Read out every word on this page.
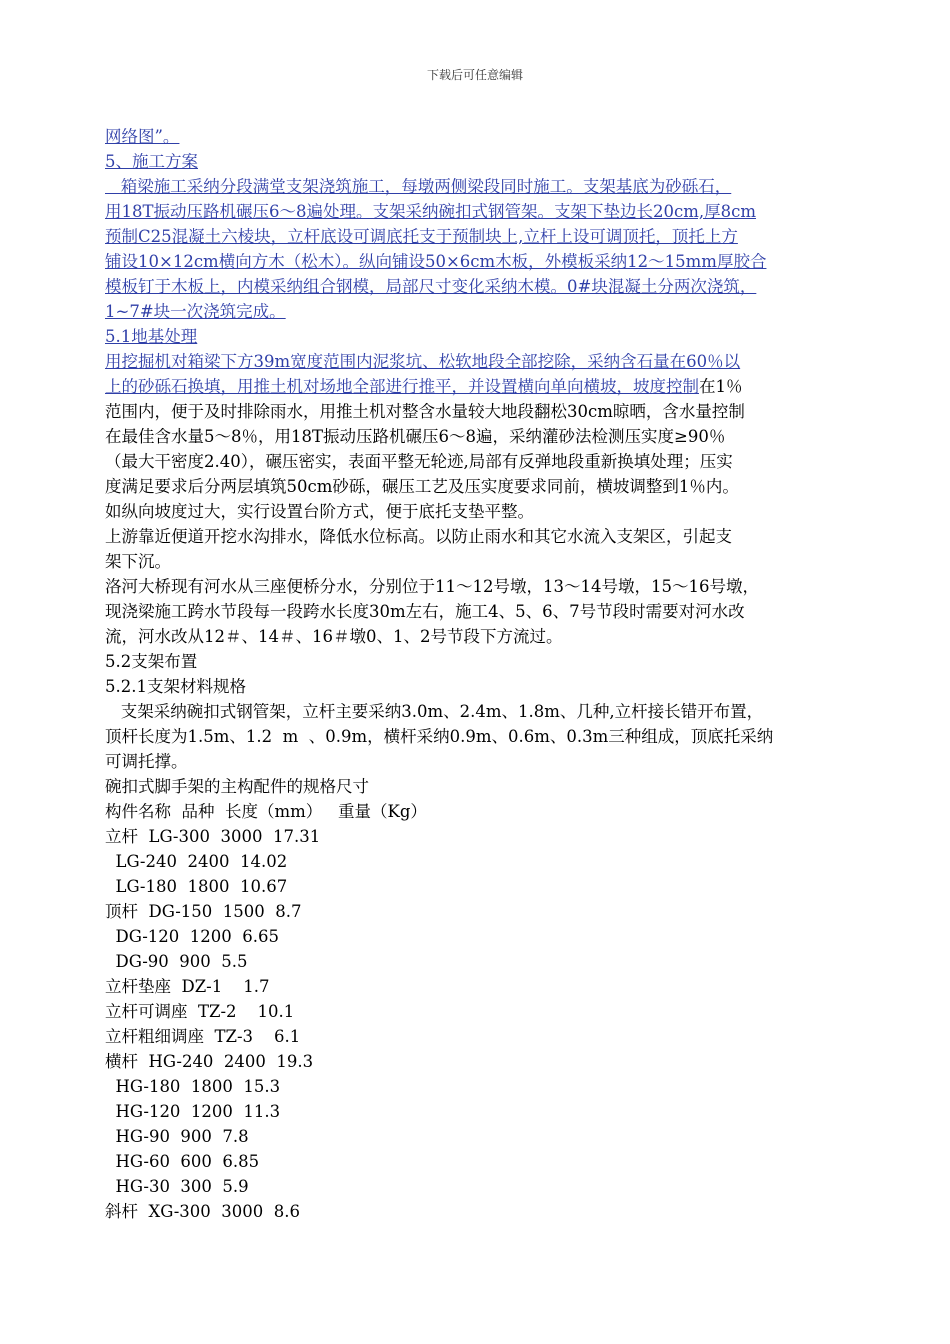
下载后可任意编辑
网络图”。
5、施工方案
箱梁施工采纳分段满堂支架浇筑施工，每墩两侧梁段同时施工。支架基底为砂砾石，
用18T振动压路机碾压6～8遍处理。支架采纳碗扣式钢管架。支架下垫边长20cm,厚8cm
预制C25混凝土六棱块，立杆底设可调底托支于预制块上,立杆上设可调顶托，顶托上方
铺设10×12cm横向方木（松木）。纵向铺设50×6cm木板，外模板采纳12～15mm厚胶合
模板钉于木板上，内模采纳组合钢模，局部尺寸变化采纳木模。0#块混凝土分两次浇筑，
1~7#块一次浇筑完成。
5.1地基处理
用挖掘机对箱梁下方39m宽度范围内泥浆坑、松软地段全部挖除，采纳含石量在60％以
上的砂砾石换填，用推土机对场地全部进行推平，并设置横向单向横坡，坡度控制在1％
范围内，便于及时排除雨水，用推土机对整含水量较大地段翻松30cm晾晒，含水量控制
在最佳含水量5～8％，用18T振动压路机碾压6～8遍，采纳灌砂法检测压实度≥90％
（最大干密度2.40），碾压密实，表面平整无轮迹,局部有反弹地段重新换填处理；压实
度满足要求后分两层填筑50cm砂砾，碾压工艺及压实度要求同前，横坡调整到1％内。
如纵向坡度过大，实行设置台阶方式，便于底托支垫平整。
上游靠近便道开挖水沟排水，降低水位标高。以防止雨水和其它水流入支架区，引起支
架下沉。
洛河大桥现有河水从三座便桥分水，分别位于11～12号墩，13～14号墩，15～16号墩，
现浇梁施工跨水节段每一段跨水长度30m左右，施工4、5、6、7号节段时需要对河水改
流，河水改从12＃、14＃、16＃墩0、1、2号节段下方流过。
5.2支架布置
5.2.1支架材料规格
支架采纳碗扣式钢管架，立杆主要采纳3.0m、2.4m、1.8m、几种,立杆接长错开布置，
顶杆长度为1.5m、1.2  m  、0.9m，横杆采纳0.9m、0.6m、0.3m三种组成，顶底托采纳
可调托撑。
碗扣式脚手架的主构配件的规格尺寸
构件名称  品种  长度（mm）   重量（Kg）
立杆  LG-300  3000  17.31
LG-240  2400  14.02
LG-180  1800  10.67
顶杆  DG-150  1500  8.7
DG-120  1200  6.65
DG-90  900  5.5
立杆垫座  DZ-1    1.7
立杆可调座  TZ-2    10.1
立杆粗细调座  TZ-3    6.1
横杆  HG-240  2400  19.3
HG-180  1800  15.3
HG-120  1200  11.3
HG-90  900  7.8
HG-60  600  6.85
HG-30  300  5.9
斜杆  XG-300  3000  8.6
